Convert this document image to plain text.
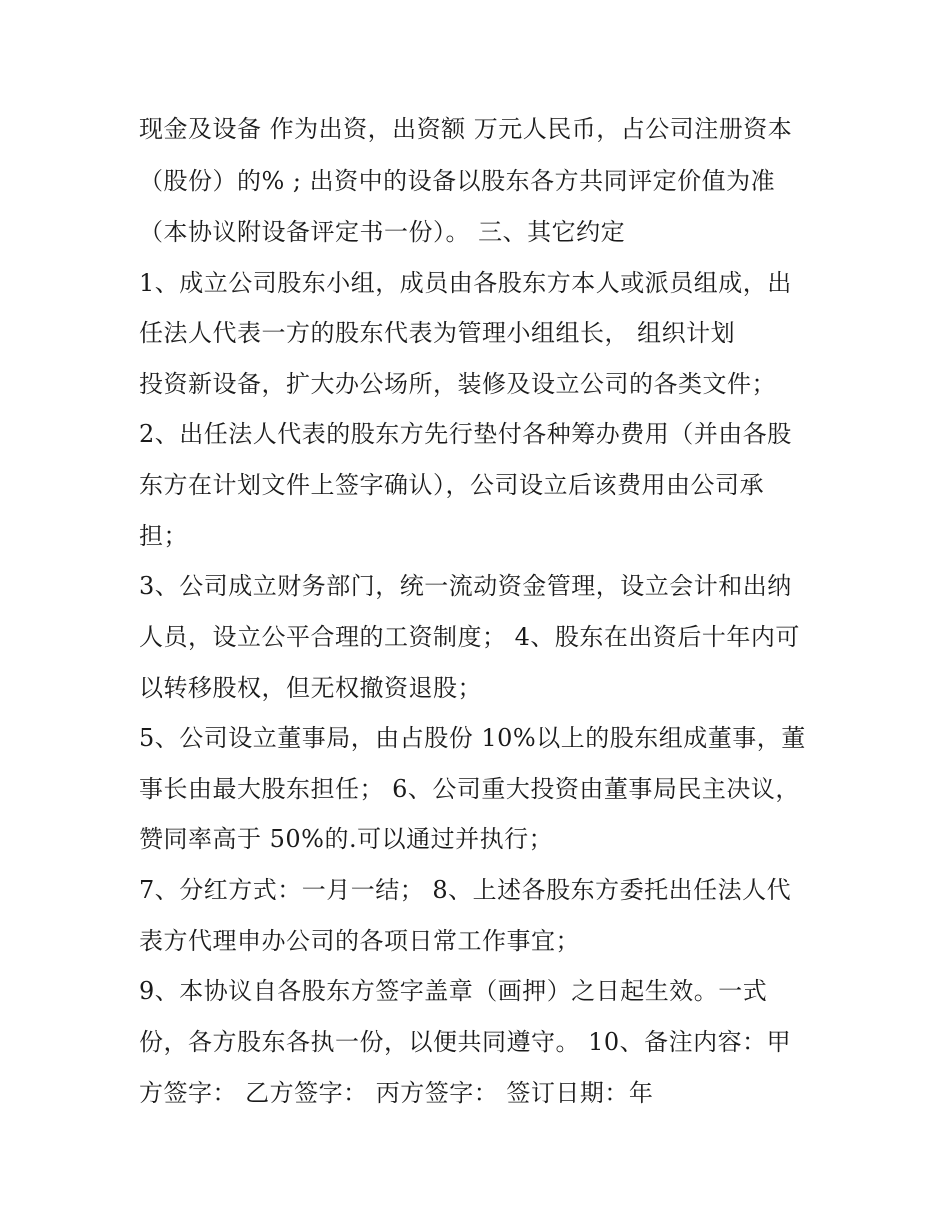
现金及设备 作为出资，出资额 万元人民币，占公司注册资本
（股份）的% ; 出资中的设备以股东各方共同评定价值为准
（本协议附设备评定书一份）。 三、其它约定
1、成立公司股东小组，成员由各股东方本人或派员组成，出
任法人代表一方的股东代表为管理小组组长， 组织计划
投资新设备，扩大办公场所，装修及设立公司的各类文件；
2、出任法人代表的股东方先行垫付各种筹办费用（并由各股
东方在计划文件上签字确认），公司设立后该费用由公司承
担；
3、公司成立财务部门，统一流动资金管理，设立会计和出纳
人员，设立公平合理的工资制度； 4、股东在出资后十年内可
以转移股权，但无权撤资退股；
5、公司设立董事局，由占股份 10%以上的股东组成董事，董
事长由最大股东担任； 6、公司重大投资由董事局民主决议，
赞同率高于 50%的.可以通过并执行；
7、分红方式：一月一结； 8、上述各股东方委托出任法人代
表方代理申办公司的各项日常工作事宜；
9、本协议自各股东方签字盖章（画押）之日起生效。一式
份，各方股东各执一份，以便共同遵守。 10、备注内容：甲
方签字： 乙方签字： 丙方签字： 签订日期：年
